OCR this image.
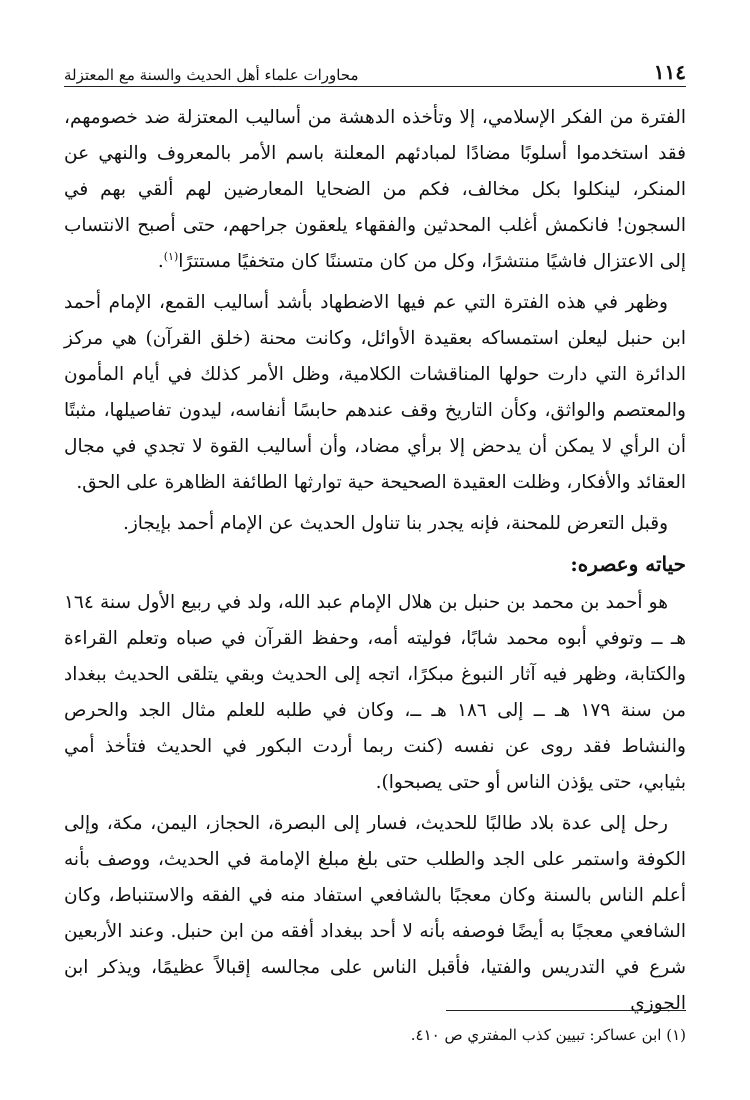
١١٤
محاورات علماء أهل الحديث والسنة مع المعتزلة

الفترة من الفكر الإسلامي، إلا وتأخذه الدهشة من أساليب المعتزلة ضد خصومهم، فقد استخدموا أسلوبًا مضادًا لمبادئهم المعلنة باسم الأمر بالمعروف والنهي عن المنكر، لينكلوا بكل مخالف، فكم من الضحايا المعارضين لهم ألقي بهم في السجون! فانكمش أغلب المحدثين والفقهاء يلعقون جراحهم، حتى أصبح الانتساب إلى الاعتزال فاشيًا منتشرًا، وكل من كان متسننًا كان متخفيًا مستترًا$^{(١)}$.

وظهر في هذه الفترة التي عم فيها الاضطهاد بأشد أساليب القمع، الإمام أحمد ابن حنبل ليعلن استمساكه بعقيدة الأوائل، وكانت محنة (خلق القرآن) هي مركز الدائرة التي دارت حولها المناقشات الكلامية، وظل الأمر كذلك في أيام المأمون والمعتصم والواثق، وكأن التاريخ وقف عندهم حابسًا أنفاسه، ليدون تفاصيلها، مثبتًا أن الرأي لا يمكن أن يدحض إلا برأي مضاد، وأن أساليب القوة لا تجدي في مجال العقائد والأفكار، وظلت العقيدة الصحيحة حية توارثها الطائفة الظاهرة على الحق.

وقبل التعرض للمحنة، فإنه يجدر بنا تناول الحديث عن الإمام أحمد بإيجاز.

حياته وعصره:

هو أحمد بن محمد بن حنبل بن هلال الإمام عبد الله، ولد في ربيع الأول سنة ١٦٤ هـ ــ وتوفي أبوه محمد شابًا، فوليته أمه، وحفظ القرآن في صباه وتعلم القراءة والكتابة، وظهر فيه آثار النبوغ مبكرًا، اتجه إلى الحديث وبقي يتلقى الحديث ببغداد من سنة ١٧٩ هـ ــ إلى ١٨٦ هـ ــ، وكان في طلبه للعلم مثال الجد والحرص والنشاط فقد روى عن نفسه (كنت ربما أردت البكور في الحديث فتأخذ أمي بثيابي، حتى يؤذن الناس أو حتى يصبحوا).

رحل إلى عدة بلاد طالبًا للحديث، فسار إلى البصرة، الحجاز، اليمن، مكة، وإلى الكوفة واستمر على الجد والطلب حتى بلغ مبلغ الإمامة في الحديث، ووصف بأنه أعلم الناس بالسنة وكان معجبًا بالشافعي استفاد منه في الفقه والاستنباط، وكان الشافعي معجبًا به أيضًا فوصفه بأنه لا أحد ببغداد أفقه من ابن حنبل. وعند الأربعين شرع في التدريس والفتيا، فأقبل الناس على مجالسه إقبالاً عظيمًا، ويذكر ابن الجوزي

(١) ابن عساكر: تبيين كذب المفتري ص ٤١٠.
